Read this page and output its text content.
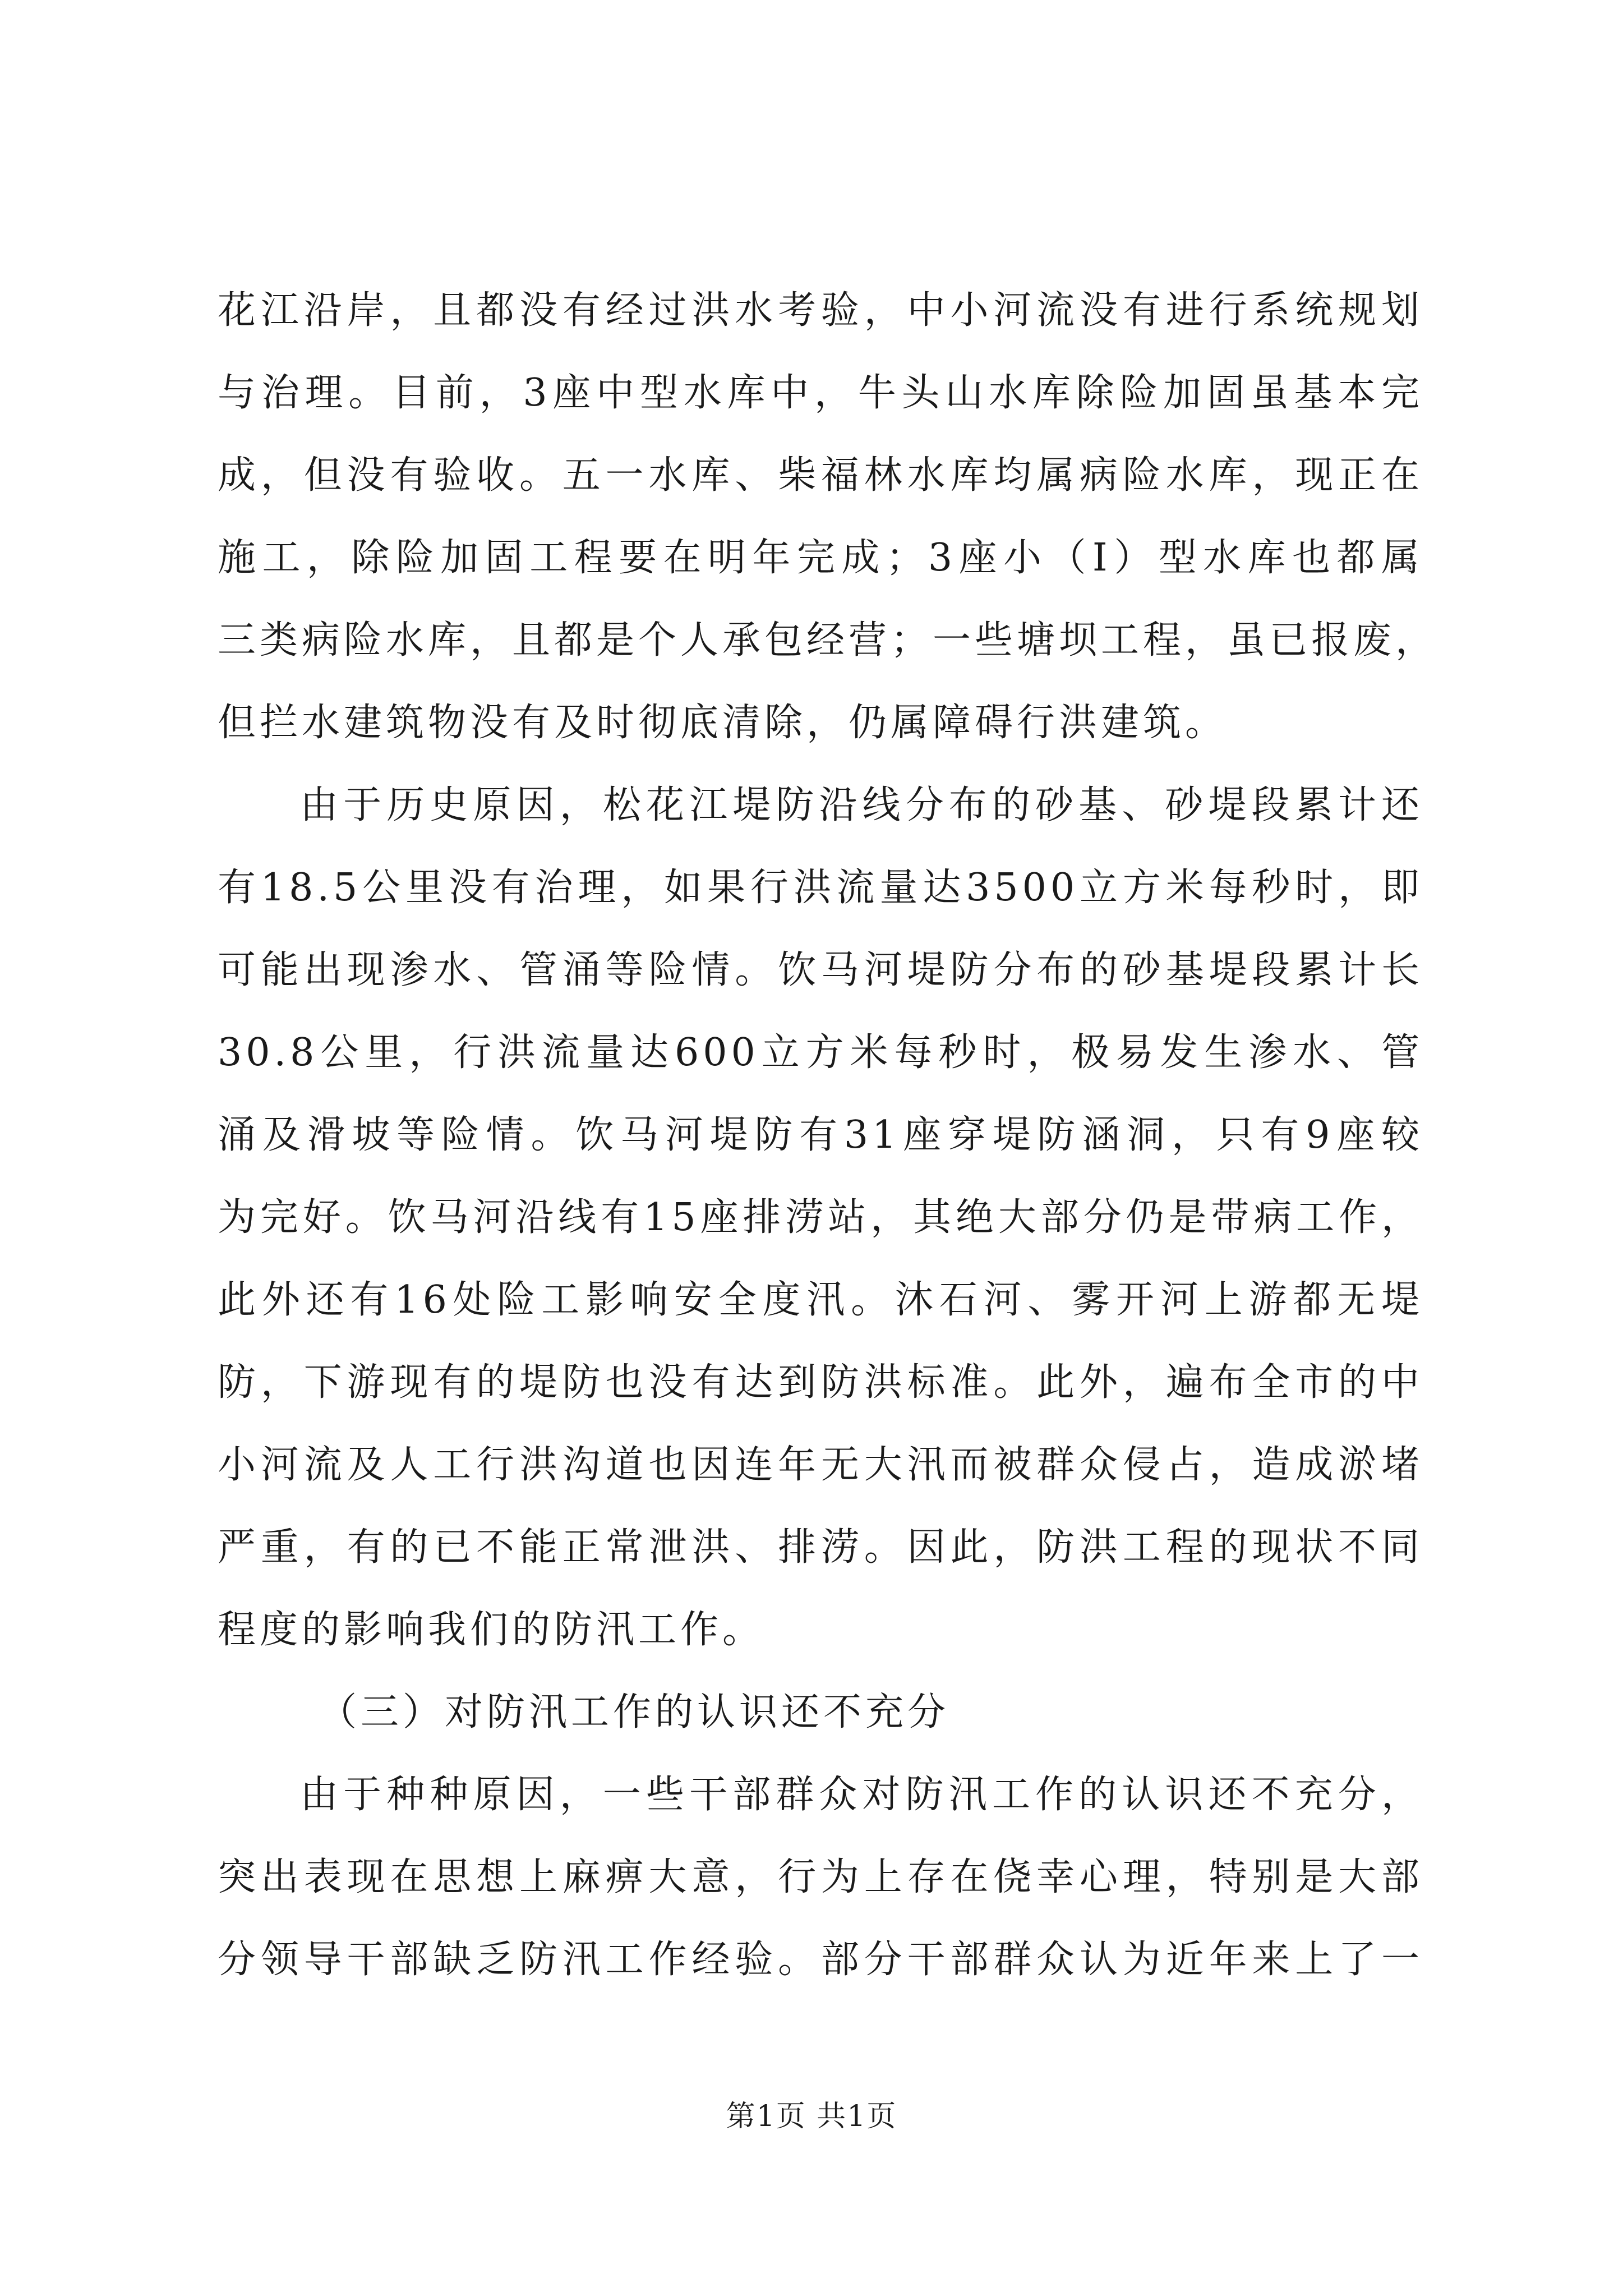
花江沿岸，且都没有经过洪水考验，中小河流没有进行系统规划
与治理。目前，3座中型水库中，牛头山水库除险加固虽基本完
成，但没有验收。五一水库、柴福林水库均属病险水库，现正在
施工，除险加固工程要在明年完成；3座小（Ⅰ）型水库也都属
三类病险水库，且都是个人承包经营；一些塘坝工程，虽已报废，
但拦水建筑物没有及时彻底清除，仍属障碍行洪建筑。
由于历史原因，松花江堤防沿线分布的砂基、砂堤段累计还
有18.5公里没有治理，如果行洪流量达3500立方米每秒时，即
可能出现渗水、管涌等险情。饮马河堤防分布的砂基堤段累计长
30.8公里，行洪流量达600立方米每秒时，极易发生渗水、管
涌及滑坡等险情。饮马河堤防有31座穿堤防涵洞，只有9座较
为完好。饮马河沿线有15座排涝站，其绝大部分仍是带病工作，
此外还有16处险工影响安全度汛。沐石河、雾开河上游都无堤
防，下游现有的堤防也没有达到防洪标准。此外，遍布全市的中
小河流及人工行洪沟道也因连年无大汛而被群众侵占，造成淤堵
严重，有的已不能正常泄洪、排涝。因此，防洪工程的现状不同
程度的影响我们的防汛工作。
（三）对防汛工作的认识还不充分
由于种种原因，一些干部群众对防汛工作的认识还不充分，
突出表现在思想上麻痹大意，行为上存在侥幸心理，特别是大部
分领导干部缺乏防汛工作经验。部分干部群众认为近年来上了一
第1页 共1页
